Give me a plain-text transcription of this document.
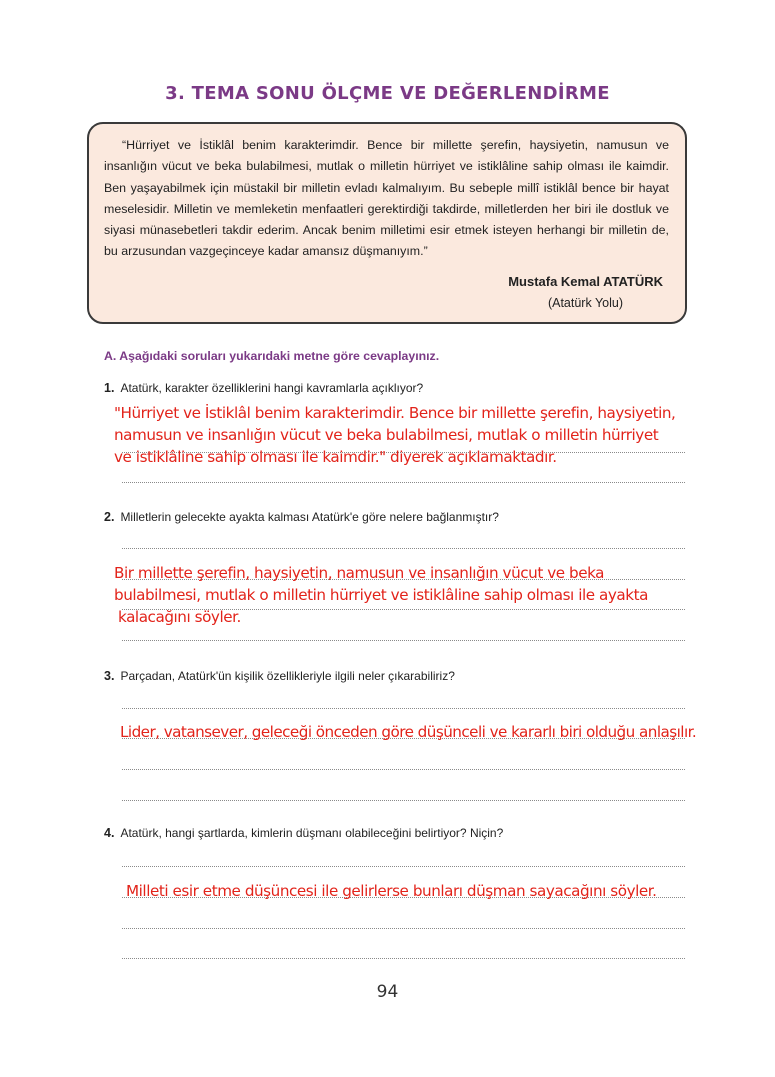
3. TEMA SONU ÖLÇME VE DEĞERLENDİRME

“Hürriyet ve İstiklâl benim karakterimdir. Bence bir millette şerefin, haysiyetin, namusun ve insanlığın vücut ve beka bulabilmesi, mutlak o milletin hürriyet ve istiklâline sahip olması ile kaimdir. Ben yaşayabilmek için müstakil bir milletin evladı kalmalıyım. Bu sebeple millî istiklâl bence bir hayat meselesidir. Milletin ve memleketin menfaatleri gerektirdiği takdirde, milletlerden her biri ile dostluk ve siyasi münasebetleri takdir ederim. Ancak benim milletimi esir etmek isteyen herhangi bir milletin de, bu arzusundan vazgeçinceye kadar amansız düşmanıyım.”

Mustafa Kemal ATATÜRK
(Atatürk Yolu)
A. Aşağıdaki soruları yukarıdaki metne göre cevaplayınız.
1. Atatürk, karakter özelliklerini hangi kavramlarla açıklıyor?
"Hürriyet ve İstiklâl benim karakterimdir. Bence bir millette şerefin, haysiyetin,
namusun ve insanlığın vücut ve beka bulabilmesi, mutlak o milletin hürriyet
ve istiklâline sahip olması ile kaimdir." diyerek açıklamaktadır.
2. Milletlerin gelecekte ayakta kalması Atatürk'e göre nelere bağlanmıştır?
Bir millette şerefin, haysiyetin, namusun ve insanlığın vücut ve beka
bulabilmesi, mutlak o milletin hürriyet ve istiklâline sahip olması ile ayakta
kalacağını söyler.
3. Parçadan, Atatürk'ün kişilik özellikleriyle ilgili neler çıkarabiliriz?
Lider, vatansever, geleceği önceden göre düşünceli ve kararlı biri olduğu anlaşılır.
4. Atatürk, hangi şartlarda, kimlerin düşmanı olabileceğini belirtiyor? Niçin?
Milleti esir etme düşüncesi ile gelirlerse bunları düşman sayacağını söyler.
94
